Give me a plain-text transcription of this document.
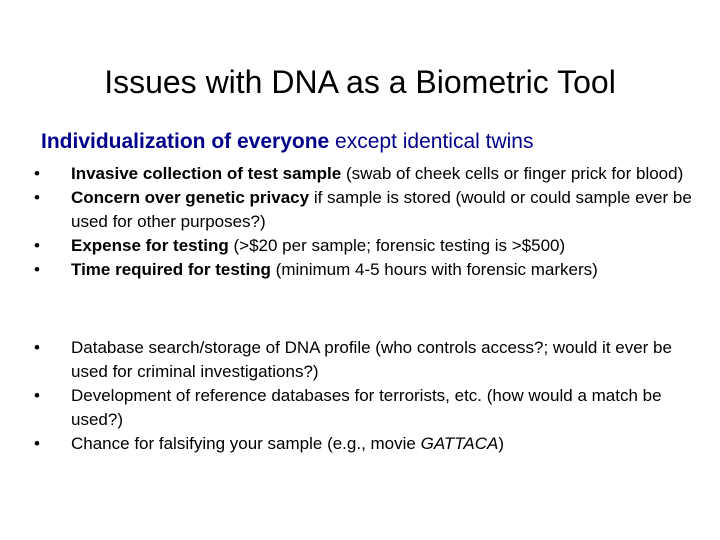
Issues with DNA as a Biometric Tool
Individualization of everyone except identical twins
• Invasive collection of test sample (swab of cheek cells or finger prick for blood)
• Concern over genetic privacy if sample is stored (would or could sample ever be used for other purposes?)
• Expense for testing (>$20 per sample; forensic testing is >$500)
• Time required for testing (minimum 4-5 hours with forensic markers)
• Database search/storage of DNA profile (who controls access?; would it ever be used for criminal investigations?)
• Development of reference databases for terrorists, etc. (how would a match be used?)
• Chance for falsifying your sample (e.g., movie GATTACA)
